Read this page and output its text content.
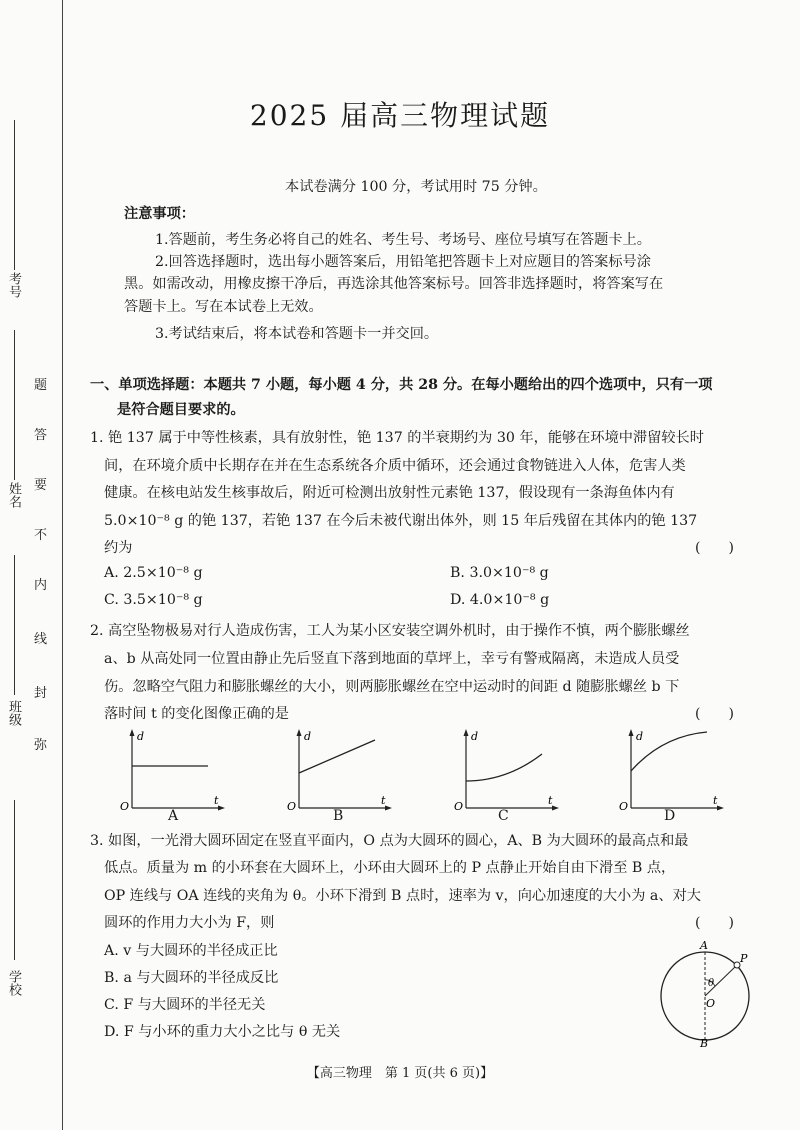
考号
姓名
班级
学校
题
答
要
不
内
线
封
弥
2025 届高三物理试题
本试卷满分 100 分，考试用时 75 分钟。
注意事项：
1.答题前，考生务必将自己的姓名、考生号、考场号、座位号填写在答题卡上。
2.回答选择题时，选出每小题答案后，用铅笔把答题卡上对应题目的答案标号涂
黑。如需改动，用橡皮擦干净后，再选涂其他答案标号。回答非选择题时，将答案写在
答题卡上。写在本试卷上无效。
3.考试结束后，将本试卷和答题卡一并交回。
一、单项选择题：本题共 7 小题，每小题 4 分，共 28 分。在每小题给出的四个选项中，只有一项
是符合题目要求的。
1. 铯 137 属于中等性核素，具有放射性，铯 137 的半衰期约为 30 年，能够在环境中滞留较长时
间，在环境介质中长期存在并在生态系统各介质中循环，还会通过食物链进入人体，危害人类
健康。在核电站发生核事故后，附近可检测出放射性元素铯 137，假设现有一条海鱼体内有
5.0×10⁻⁸ g 的铯 137，若铯 137 在今后未被代谢出体外，则 15 年后残留在其体内的铯 137
约为	(　　)
A. 2.5×10⁻⁸ g	B. 3.0×10⁻⁸ g
C. 3.5×10⁻⁸ g	D. 4.0×10⁻⁸ g
2. 高空坠物极易对行人造成伤害，工人为某小区安装空调外机时，由于操作不慎，两个膨胀螺丝
a、b 从高处同一位置由静止先后竖直下落到地面的草坪上，幸亏有警戒隔离，未造成人员受
伤。忽略空气阻力和膨胀螺丝的大小，则两膨胀螺丝在空中运动时的间距 d 随膨胀螺丝 b 下
落时间 t 的变化图像正确的是	(　　)
d
t
O
d
t
O
d
t
O
d
t
O
A	B	C	D
3. 如图，一光滑大圆环固定在竖直平面内，O 点为大圆环的圆心，A、B 为大圆环的最高点和最
低点。质量为 m 的小环套在大圆环上，小环由大圆环上的 P 点静止开始自由下滑至 B 点，
OP 连线与 OA 连线的夹角为 θ。小环下滑到 B 点时，速率为 v，向心加速度的大小为 a、对大
圆环的作用力大小为 F，则	(　　)
A. v 与大圆环的半径成正比
B. a 与大圆环的半径成反比
C. F 与大圆环的半径无关
D. F 与小环的重力大小之比与 θ 无关
A
P
θ
O
B
【高三物理　第 1 页(共 6 页)】
